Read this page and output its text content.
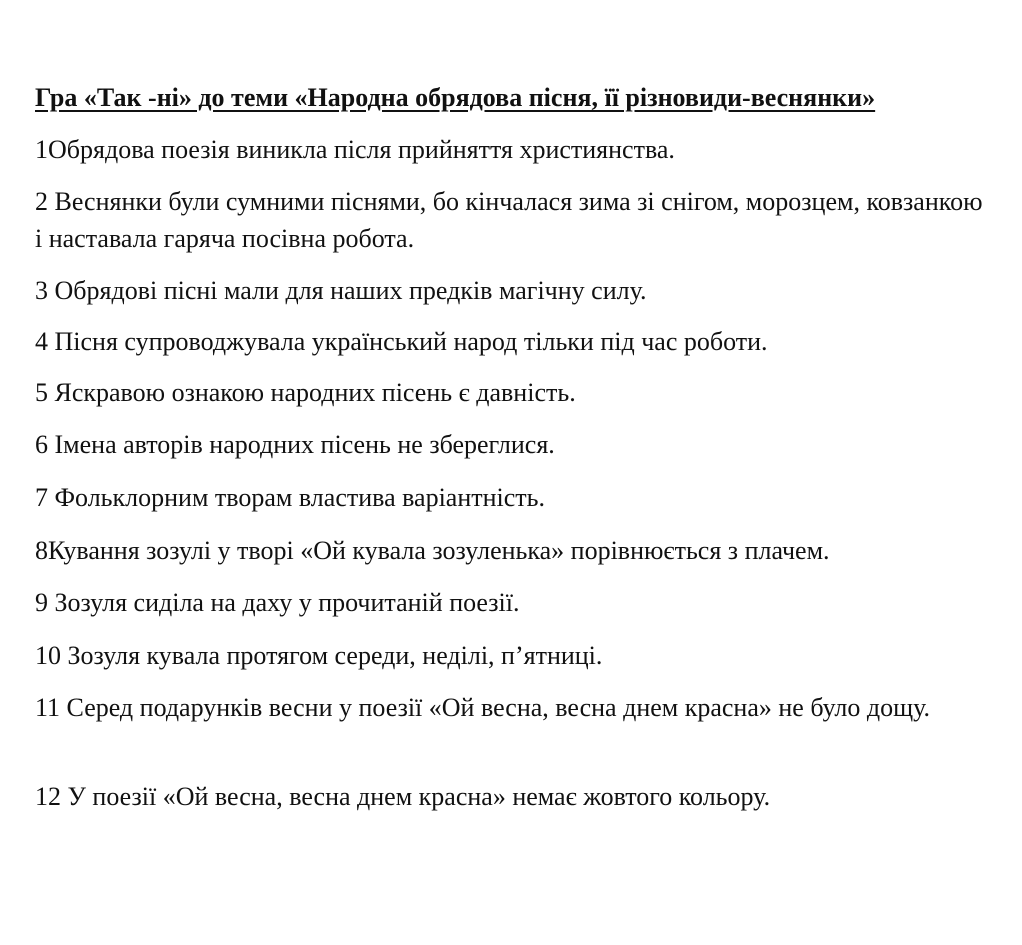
Гра «Так -ні» до теми «Народна обрядова пісня, її різновиди-веснянки»

1Обрядова поезія виникла після прийняття християнства.

2 Веснянки були сумними піснями, бо кінчалася зима зі снігом, морозцем, ковзанкою і наставала гаряча посівна робота.

3 Обрядові пісні мали для наших предків магічну силу.

4 Пісня супроводжувала український народ тільки під час роботи.

5 Яскравою ознакою народних пісень є давність.

6 Імена авторів народних пісень не збереглися.

7 Фольклорним творам властива варіантність.

8Кування зозулі у творі «Ой кувала зозуленька» порівнюється з плачем.

9 Зозуля сиділа на даху у прочитаній поезії.

10 Зозуля кувала протягом середи, неділі, п’ятниці.

11 Серед подарунків весни у поезії «Ой весна, весна днем красна» не було дощу.

12 У поезії «Ой весна, весна днем красна» немає жовтого кольору.
